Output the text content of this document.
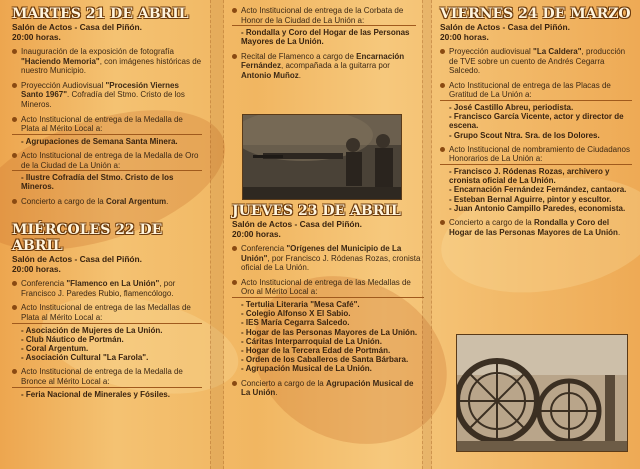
MARTES 21 DE ABRIL
Salón de Actos - Casa del Piñón.
20:00 horas.
Inauguración de la exposición de fotografía "Haciendo Memoria", con imágenes históricas de nuestro Municipio.
Proyección Audiovisual "Procesión Viernes Santo 1967". Cofradía del Stmo. Cristo de los Mineros.
Acto Institucional de entrega de la Medalla de Plata al Mérito Local a:
- Agrupaciones de Semana Santa Minera.
Acto Institucional de entrega de la Medalla de Oro de la Ciudad de La Unión a:
- Ilustre Cofradía del Stmo. Cristo de los Mineros.
Concierto a cargo de la Coral Argentum.
MIÉRCOLES 22 DE ABRIL
Salón de Actos - Casa del Piñón.
20:00 horas.
Conferencia "Flamenco en La Unión", por Francisco J. Paredes Rubio, flamencólogo.
Acto Institucional de entrega de las Medallas de Plata al Mérito Local a:
- Asociación de Mujeres de La Unión.
- Club Náutico de Portmán.
- Coral Argentum.
- Asociación Cultural "La Farola".
Acto Institucional de entrega de la Medalla de Bronce al Mérito Local a:
- Feria Nacional de Minerales y Fósiles.
Acto Institucional de entrega de la Corbata de Honor de la Ciudad de La Unión a:
- Rondalla y Coro del Hogar de las Personas Mayores de La Unión.
Recital de Flamenco a cargo de Encarnación Fernández, acompañada a la guitarra por Antonio Muñoz.
JUEVES 23 DE ABRIL
Salón de Actos - Casa del Piñón.
20:00 horas.
Conferencia "Orígenes del Municipio de La Unión", por Francisco J. Ródenas Rozas, cronista oficial de La Unión.
Acto Institucional de entrega de las Medallas de Oro al Mérito Local a:
- Tertulia Literaria "Mesa Café".
- Colegio Alfonso X El Sabio.
- IES María Cegarra Salcedo.
- Hogar de las Personas Mayores de La Unión.
- Cáritas Interparroquial de La Unión.
- Hogar de la Tercera Edad de Portmán.
- Orden de los Caballeros de Santa Bárbara.
- Agrupación Musical de La Unión.
Concierto a cargo de la Agrupación Musical de La Unión.
VIERNES 24 DE MARZO
Salón de Actos - Casa del Piñón.
20:00 horas.
Proyección audiovisual "La Caldera", producción de TVE sobre un cuento de Andrés Cegarra Salcedo.
Acto Institucional de entrega de las Placas de Gratitud de La Unión a:
- José Castillo Abreu, periodista.
- Francisco García Vicente, actor y director de escena.
- Grupo Scout Ntra. Sra. de los Dolores.
Acto Institucional de nombramiento de Ciudadanos Honorarios de La Unión a:
- Francisco J. Ródenas Rozas, archivero y cronista oficial de La Unión.
- Encarnación Fernández Fernández, cantaora.
- Esteban Bernal Aguirre, pintor y escultor.
- Juan Antonio Campillo Paredes, economista.
Concierto a cargo de la Rondalla y Coro del Hogar de las Personas Mayores de La Unión.
